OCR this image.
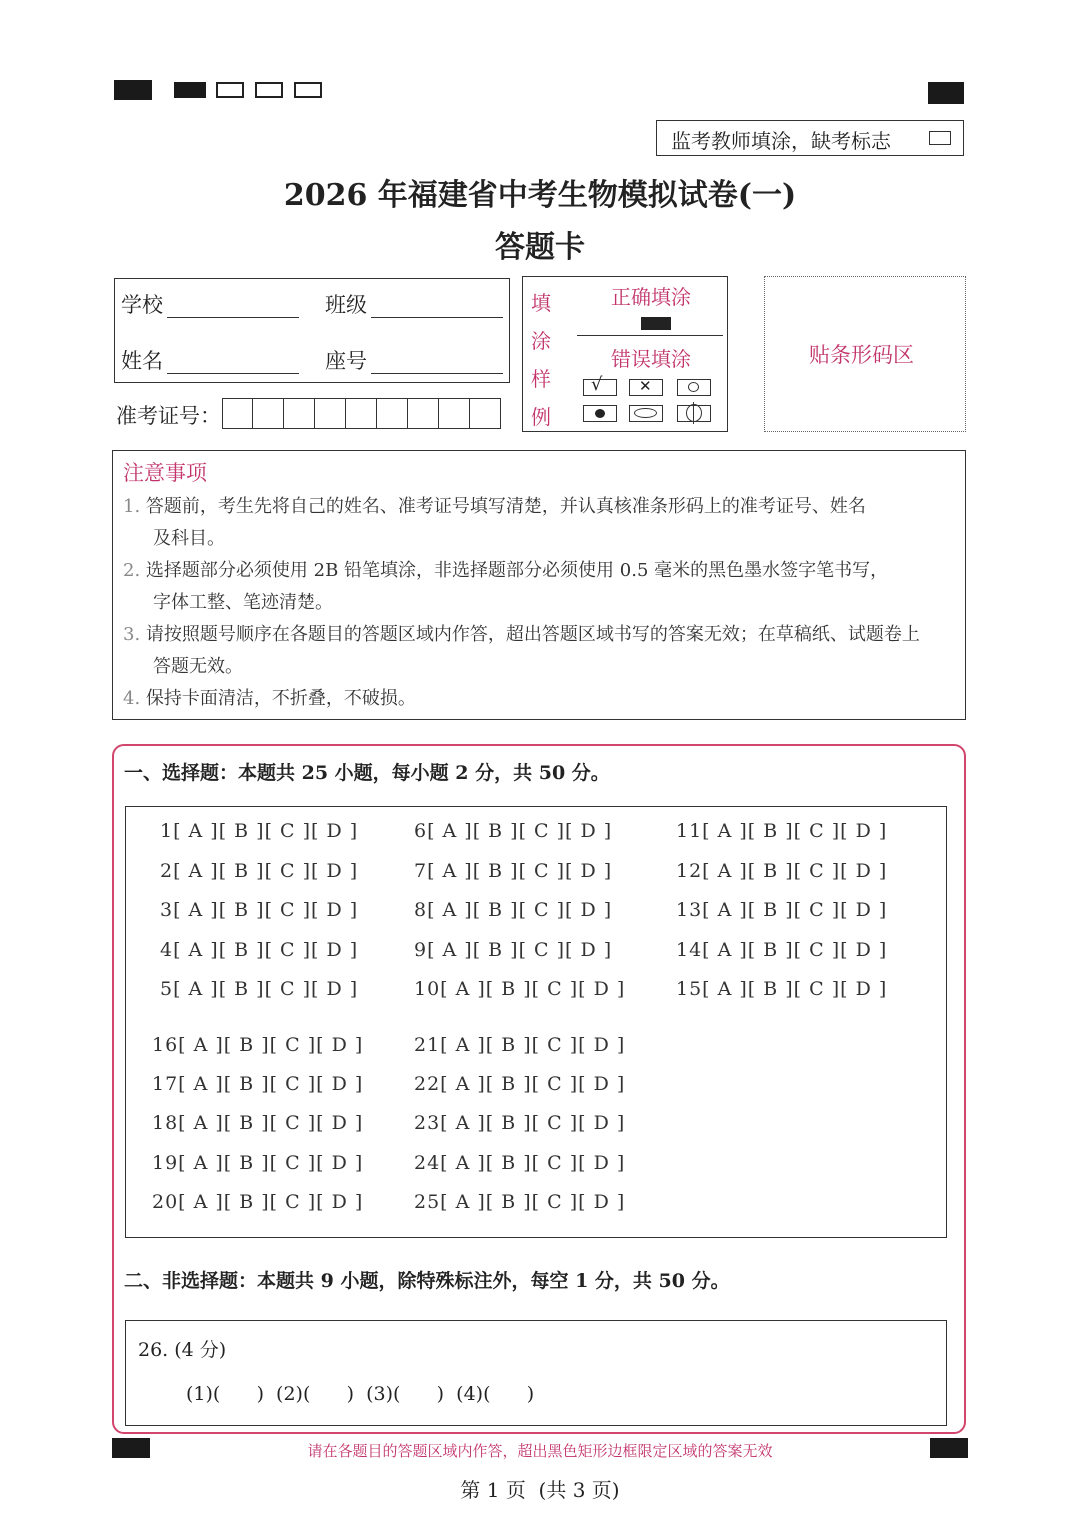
监考教师填涂，缺考标志
2026 年福建省中考生物模拟试卷(一)
答题卡
学校	班级
姓名	座号
准考证号：
填
涂
样
例
正确填涂
错误填涂
√ ✕
贴条形码区
注意事项
1. 答题前，考生先将自己的姓名、准考证号填写清楚，并认真核准条形码上的准考证号、姓名
及科目。
2. 选择题部分必须使用 2B 铅笔填涂，非选择题部分必须使用 0.5 毫米的黑色墨水签字笔书写，
字体工整、笔迹清楚。
3. 请按照题号顺序在各题目的答题区域内作答，超出答题区域书写的答案无效；在草稿纸、试题卷上
答题无效。
4. 保持卡面清洁，不折叠，不破损。
一、选择题：本题共 25 小题，每小题 2 分，共 50 分。
1[ A ][ B ][ C ][ D ]
2[ A ][ B ][ C ][ D ]
3[ A ][ B ][ C ][ D ]
4[ A ][ B ][ C ][ D ]
5[ A ][ B ][ C ][ D ]
6[ A ][ B ][ C ][ D ]
7[ A ][ B ][ C ][ D ]
8[ A ][ B ][ C ][ D ]
9[ A ][ B ][ C ][ D ]
10[ A ][ B ][ C ][ D ]
11[ A ][ B ][ C ][ D ]
12[ A ][ B ][ C ][ D ]
13[ A ][ B ][ C ][ D ]
14[ A ][ B ][ C ][ D ]
15[ A ][ B ][ C ][ D ]
16[ A ][ B ][ C ][ D ]
17[ A ][ B ][ C ][ D ]
18[ A ][ B ][ C ][ D ]
19[ A ][ B ][ C ][ D ]
20[ A ][ B ][ C ][ D ]
21[ A ][ B ][ C ][ D ]
22[ A ][ B ][ C ][ D ]
23[ A ][ B ][ C ][ D ]
24[ A ][ B ][ C ][ D ]
25[ A ][ B ][ C ][ D ]
二、非选择题：本题共 9 小题，除特殊标注外，每空 1 分，共 50 分。
26. (4 分)
(1)(      )  (2)(      )  (3)(      )  (4)(      )
请在各题目的答题区域内作答，超出黑色矩形边框限定区域的答案无效
第 1 页  (共 3 页)
